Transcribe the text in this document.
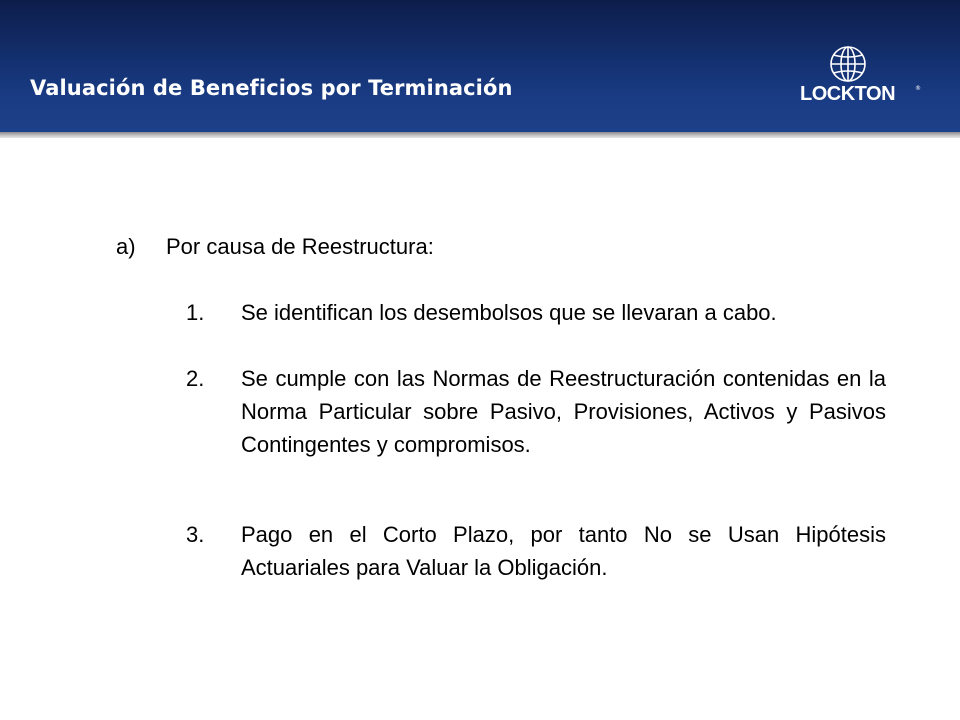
Valuación de Beneficios por Terminación	LOCKTON	®
a) Por causa de Reestructura:
1. Se identifican los desembolsos que se llevaran a cabo.
2. Se cumple con las Normas de Reestructuración contenidas en la Norma Particular sobre Pasivo, Provisiones, Activos y Pasivos Contingentes y compromisos.
3. Pago en el Corto Plazo, por tanto No se Usan Hipótesis Actuariales para Valuar la Obligación.
